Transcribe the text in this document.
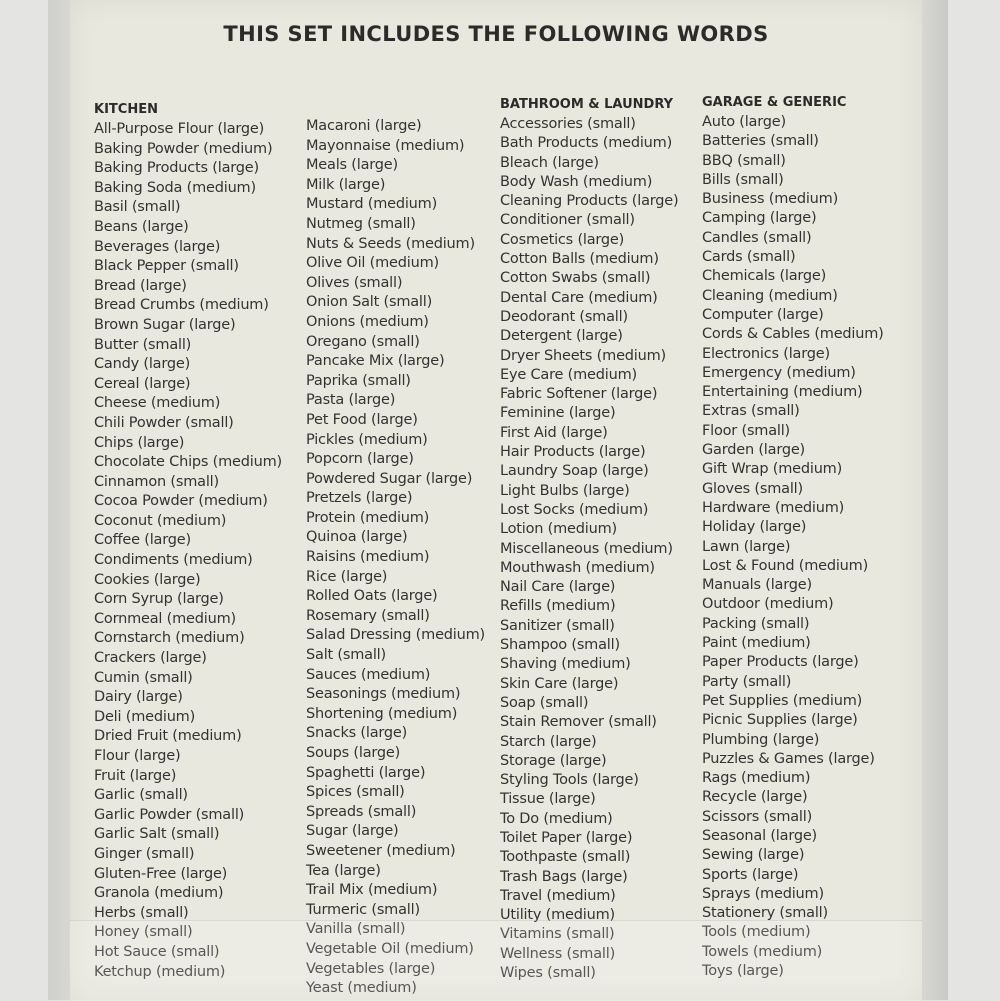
THIS SET INCLUDES THE FOLLOWING WORDS
KITCHEN
All-Purpose Flour (large)
Baking Powder (medium)
Baking Products (large)
Baking Soda (medium)
Basil (small)
Beans (large)
Beverages (large)
Black Pepper (small)
Bread (large)
Bread Crumbs (medium)
Brown Sugar (large)
Butter (small)
Candy (large)
Cereal (large)
Cheese (medium)
Chili Powder (small)
Chips (large)
Chocolate Chips (medium)
Cinnamon (small)
Cocoa Powder (medium)
Coconut (medium)
Coffee (large)
Condiments (medium)
Cookies (large)
Corn Syrup (large)
Cornmeal (medium)
Cornstarch (medium)
Crackers (large)
Cumin (small)
Dairy (large)
Deli (medium)
Dried Fruit (medium)
Flour (large)
Fruit (large)
Garlic (small)
Garlic Powder (small)
Garlic Salt (small)
Ginger (small)
Gluten-Free (large)
Granola (medium)
Herbs (small)
Honey (small)
Hot Sauce (small)
Ketchup (medium)
Macaroni (large)
Mayonnaise (medium)
Meals (large)
Milk (large)
Mustard (medium)
Nutmeg (small)
Nuts & Seeds (medium)
Olive Oil (medium)
Olives (small)
Onion Salt (small)
Onions (medium)
Oregano (small)
Pancake Mix (large)
Paprika (small)
Pasta (large)
Pet Food (large)
Pickles (medium)
Popcorn (large)
Powdered Sugar (large)
Pretzels (large)
Protein (medium)
Quinoa (large)
Raisins (medium)
Rice (large)
Rolled Oats (large)
Rosemary (small)
Salad Dressing (medium)
Salt (small)
Sauces (medium)
Seasonings (medium)
Shortening (medium)
Snacks (large)
Soups (large)
Spaghetti (large)
Spices (small)
Spreads (small)
Sugar (large)
Sweetener (medium)
Tea (large)
Trail Mix (medium)
Turmeric (small)
Vanilla (small)
Vegetable Oil (medium)
Vegetables (large)
Yeast (medium)
BATHROOM & LAUNDRY
Accessories (small)
Bath Products (medium)
Bleach (large)
Body Wash (medium)
Cleaning Products (large)
Conditioner (small)
Cosmetics (large)
Cotton Balls (medium)
Cotton Swabs (small)
Dental Care (medium)
Deodorant (small)
Detergent (large)
Dryer Sheets (medium)
Eye Care (medium)
Fabric Softener (large)
Feminine (large)
First Aid (large)
Hair Products (large)
Laundry Soap (large)
Light Bulbs (large)
Lost Socks (medium)
Lotion (medium)
Miscellaneous (medium)
Mouthwash (medium)
Nail Care (large)
Refills (medium)
Sanitizer (small)
Shampoo (small)
Shaving (medium)
Skin Care (large)
Soap (small)
Stain Remover (small)
Starch (large)
Storage (large)
Styling Tools (large)
Tissue (large)
To Do (medium)
Toilet Paper (large)
Toothpaste (small)
Trash Bags (large)
Travel (medium)
Utility (medium)
Vitamins (small)
Wellness (small)
Wipes (small)
GARAGE & GENERIC
Auto (large)
Batteries (small)
BBQ (small)
Bills (small)
Business (medium)
Camping (large)
Candles (small)
Cards (small)
Chemicals (large)
Cleaning (medium)
Computer (large)
Cords & Cables (medium)
Electronics (large)
Emergency (medium)
Entertaining (medium)
Extras (small)
Floor (small)
Garden (large)
Gift Wrap (medium)
Gloves (small)
Hardware (medium)
Holiday (large)
Lawn (large)
Lost & Found (medium)
Manuals (large)
Outdoor (medium)
Packing (small)
Paint (medium)
Paper Products (large)
Party (small)
Pet Supplies (medium)
Picnic Supplies (large)
Plumbing (large)
Puzzles & Games (large)
Rags (medium)
Recycle (large)
Scissors (small)
Seasonal (large)
Sewing (large)
Sports (large)
Sprays (medium)
Stationery (small)
Tools (medium)
Towels (medium)
Toys (large)
